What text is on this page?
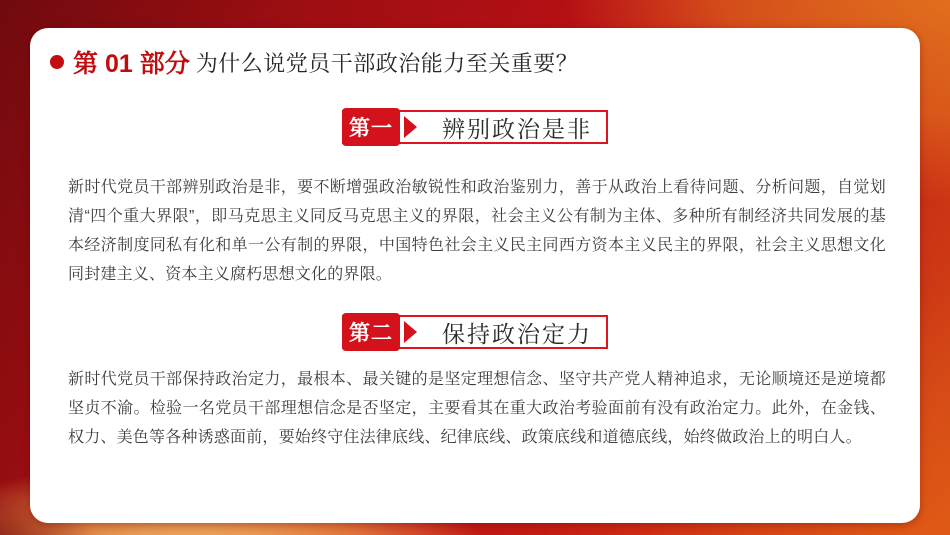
第 01 部分 为什么说党员干部政治能力至关重要？
辨别政治是非
第一

新时代党员干部辨别政治是非，要不断增强政治敏锐性和政治鉴别力，善于从政治上看待问题、分析问题，自觉划清“四个重大界限”，即马克思主义同反马克思主义的界限，社会主义公有制为主体、多种所有制经济共同发展的基本经济制度同私有化和单一公有制的界限，中国特色社会主义民主同西方资本主义民主的界限，社会主义思想文化同封建主义、资本主义腐朽思想文化的界限。

保持政治定力
第二

新时代党员干部保持政治定力，最根本、最关键的是坚定理想信念、坚守共产党人精神追求，无论顺境还是逆境都坚贞不渝。检验一名党员干部理想信念是否坚定，主要看其在重大政治考验面前有没有政治定力。此外，在金钱、权力、美色等各种诱惑面前，要始终守住法律底线、纪律底线、政策底线和道德底线，始终做政治上的明白人。
